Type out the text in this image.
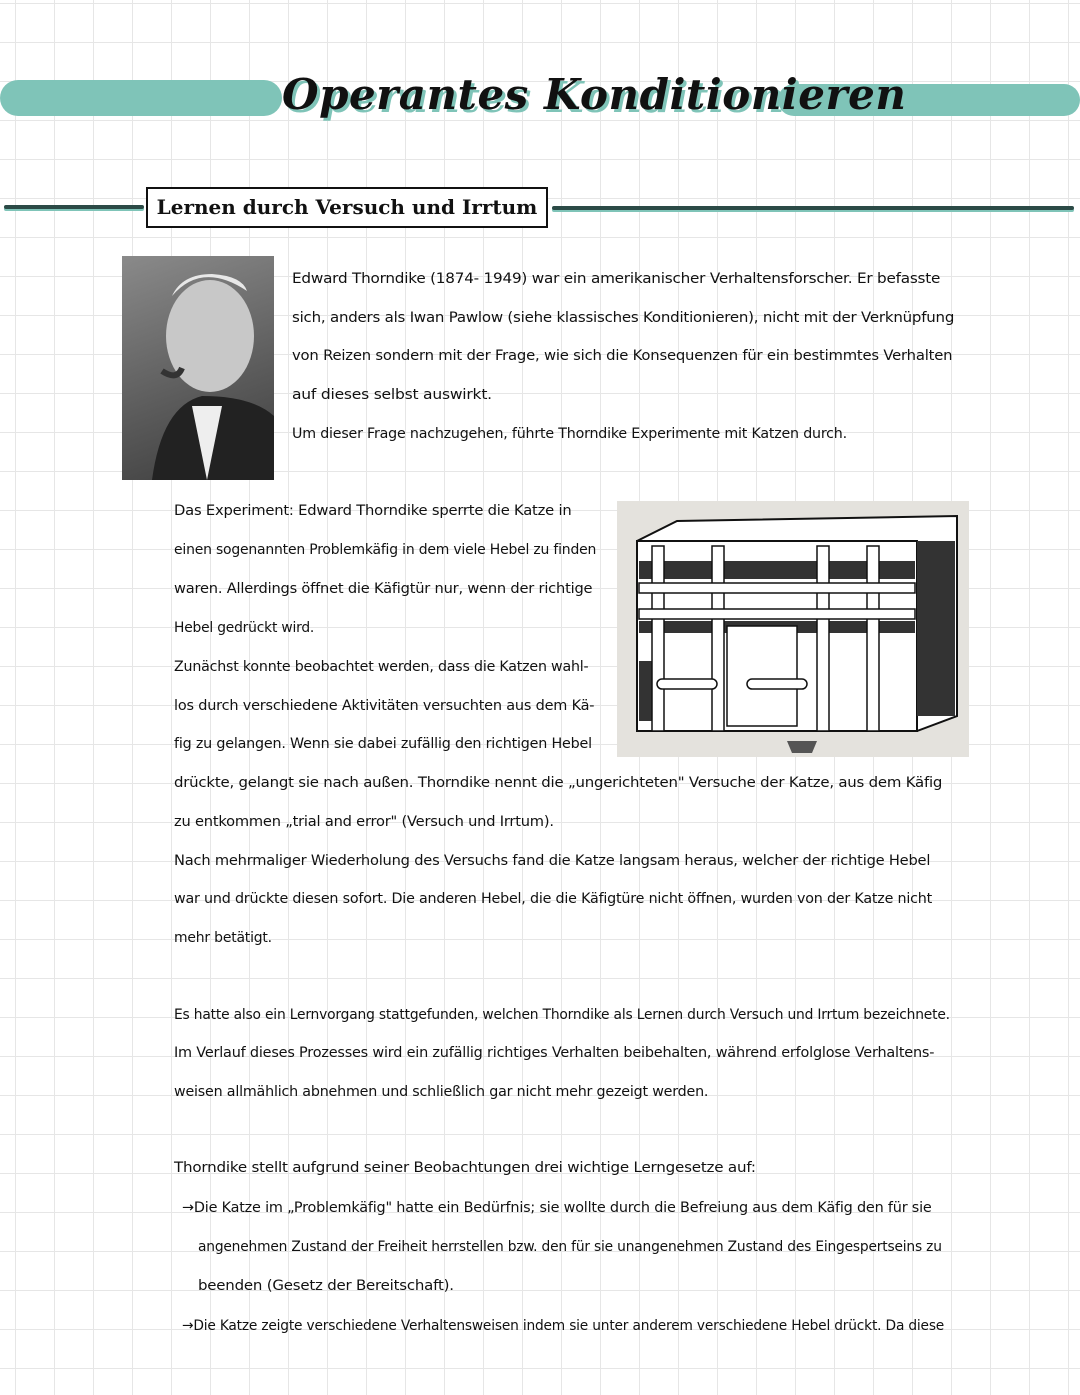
Operantes Konditionieren
Lernen durch Versuch und Irrtum
Edward Thorndike (1874- 1949) war ein amerikanischer Verhaltensforscher. Er befasste
sich, anders als Iwan Pawlow (siehe klassisches Konditionieren), nicht mit der Verknüpfung
von Reizen sondern mit der Frage, wie sich die Konsequenzen für ein bestimmtes Verhalten
auf dieses selbst auswirkt.
Um dieser Frage nachzugehen, führte Thorndike Experimente mit Katzen durch.
Das Experiment: Edward Thorndike sperrte die Katze in
einen sogenannten Problemkäfig in dem viele Hebel zu finden
waren. Allerdings öffnet die Käfigtür nur, wenn der richtige
Hebel gedrückt wird.
Zunächst konnte beobachtet werden, dass die Katzen wahl-
los durch verschiedene Aktivitäten versuchten aus dem Kä-
fig zu gelangen. Wenn sie dabei zufällig den richtigen Hebel
drückte, gelangt sie nach außen. Thorndike nennt die „ungerichteten" Versuche der Katze, aus dem Käfig
zu entkommen „trial and error" (Versuch und Irrtum).
Nach mehrmaliger Wiederholung des Versuchs fand die Katze langsam heraus, welcher der richtige Hebel
war und drückte diesen sofort. Die anderen Hebel, die die Käfigtüre nicht öffnen, wurden von der Katze nicht
mehr betätigt.
Es hatte also ein Lernvorgang stattgefunden, welchen Thorndike als Lernen durch Versuch und Irrtum bezeichnete.
Im Verlauf dieses Prozesses wird ein zufällig richtiges Verhalten beibehalten, während erfolglose Verhaltens-
weisen allmählich abnehmen und schließlich gar nicht mehr gezeigt werden.
Thorndike stellt aufgrund seiner Beobachtungen drei wichtige Lerngesetze auf:
→Die Katze im „Problemkäfig" hatte ein Bedürfnis; sie wollte durch die Befreiung aus dem Käfig den für sie
angenehmen Zustand der Freiheit herrstellen bzw. den für sie unangenehmen Zustand des Eingespertseins zu
beenden (Gesetz der Bereitschaft).
→Die Katze zeigte verschiedene Verhaltensweisen indem sie unter anderem verschiedene Hebel drückt. Da diese
